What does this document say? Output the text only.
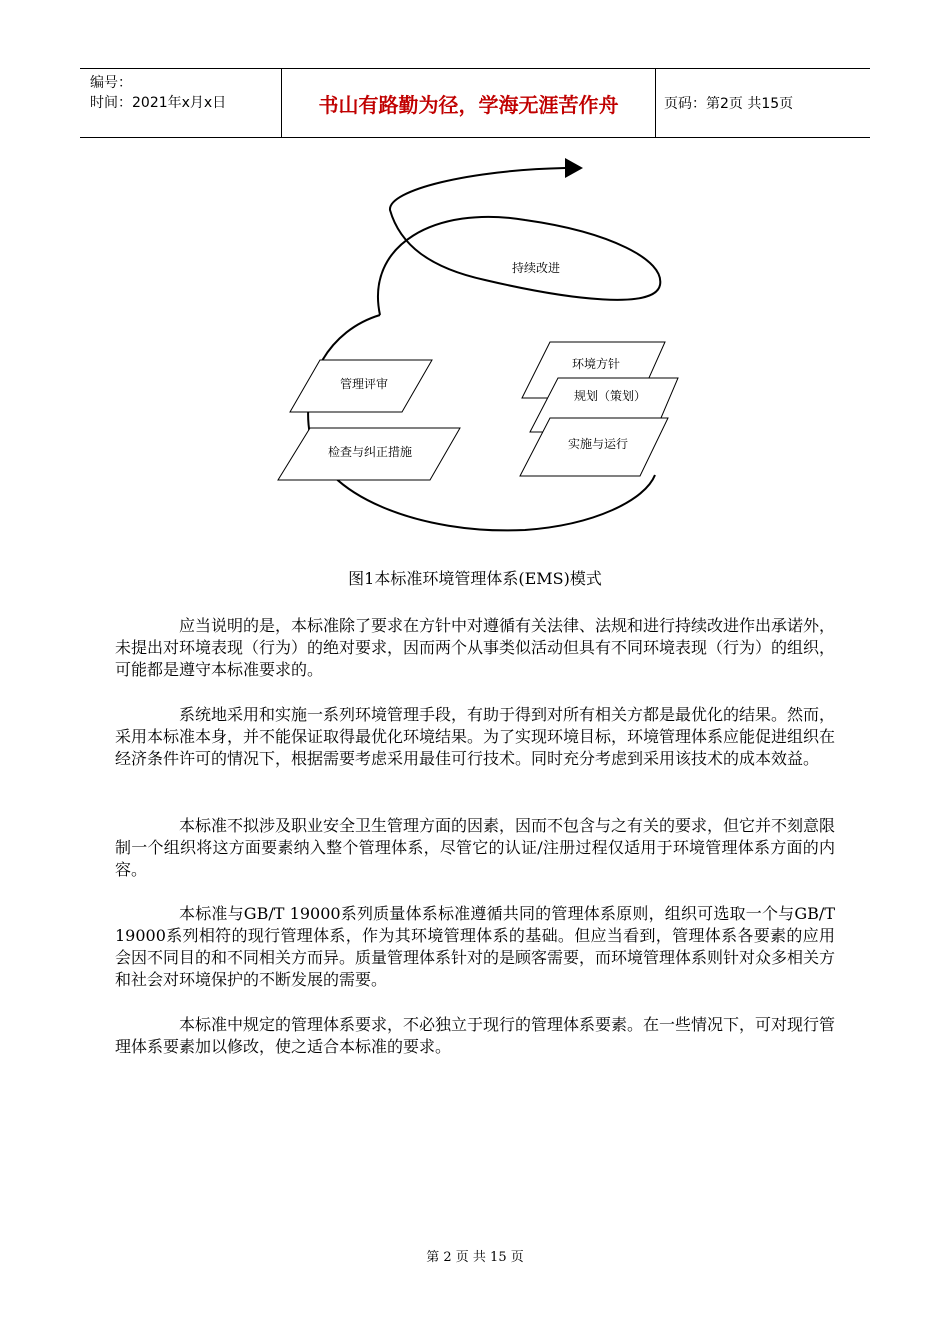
编号：
时间：2021年x月x日	书山有路勤为径，学海无涯苦作舟	页码：第2页 共15页
管理评审
检查与纠正措施
持续改进
环境方针
规划（策划）
实施与运行
图1本标准环境管理体系(EMS)模式

应当说明的是，本标准除了要求在方针中对遵循有关法律、法规和进行持续改进作出承诺外，未提出对环境表现（行为）的绝对要求，因而两个从事类似活动但具有不同环境表现（行为）的组织，可能都是遵守本标准要求的。

系统地采用和实施一系列环境管理手段，有助于得到对所有相关方都是最优化的结果。然而，采用本标准本身，并不能保证取得最优化环境结果。为了实现环境目标，环境管理体系应能促进组织在经济条件许可的情况下，根据需要考虑采用最佳可行技术。同时充分考虑到采用该技术的成本效益。

本标准不拟涉及职业安全卫生管理方面的因素，因而不包含与之有关的要求，但它并不刻意限制一个组织将这方面要素纳入整个管理体系，尽管它的认证/注册过程仅适用于环境管理体系方面的内容。

本标准与GB/T 19000系列质量体系标准遵循共同的管理体系原则，组织可选取一个与GB/T 19000系列相符的现行管理体系，作为其环境管理体系的基础。但应当看到，管理体系各要素的应用会因不同目的和不同相关方而异。质量管理体系针对的是顾客需要，而环境管理体系则针对众多相关方和社会对环境保护的不断发展的需要。

本标准中规定的管理体系要求，不必独立于现行的管理体系要素。在一些情况下，可对现行管理体系要素加以修改，使之适合本标准的要求。

第 2 页 共 15 页
